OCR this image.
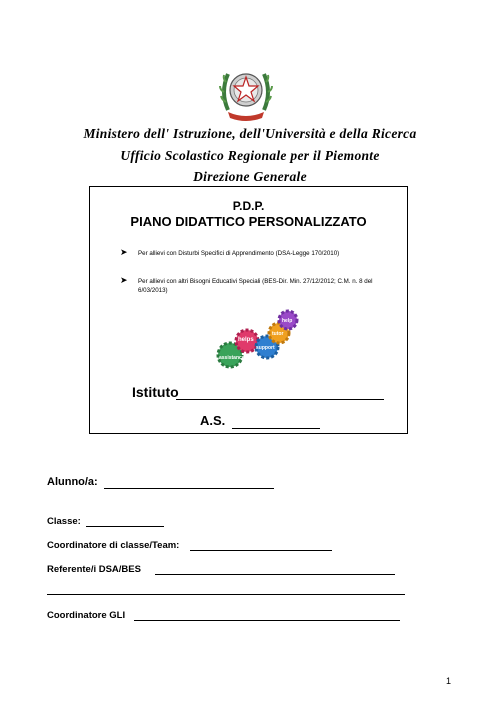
Ministero dell' Istruzione, dell'Università e della Ricerca
Ufficio Scolastico Regionale per il Piemonte
Direzione Generale
P.D.P.
PIANO DIDATTICO PERSONALIZZATO
➤ Per allievi con Disturbi Specifici di Apprendimento (DSA-Legge 170/2010)
➤ Per allievi con altri Bisogni Educativi Speciali (BES-Dir. Min. 27/12/2012; C.M. n. 8 del 6/03/2013)
assistance
helps
support
tutor
help
Istituto
A.S.
Alunno/a:
Classe:
Coordinatore di classe/Team:
Referente/i DSA/BES
Coordinatore GLI
1
